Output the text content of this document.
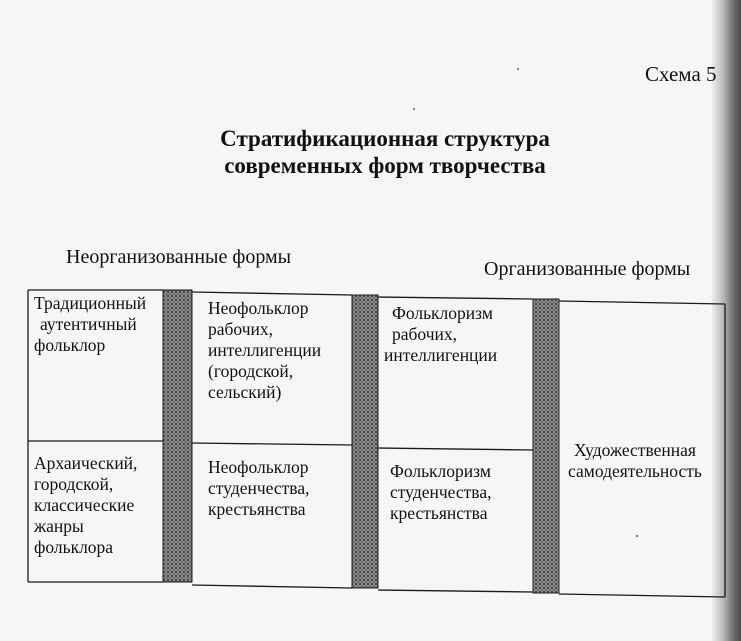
Схема 5
Стратификационная структура
современных форм творчества
Неорганизованные формы
Организованные формы
Традиционный
аутентичный
фольклор
Архаический,
городской,
классические
жанры
фольклора
Неофольклор
рабочих,
интеллигенции
(городской,
сельский)
Неофольклор
студенчества,
крестьянства
Фольклоризм
рабочих,
интеллигенции
Фольклоризм
студенчества,
крестьянства
Художественная
самодеятельность
